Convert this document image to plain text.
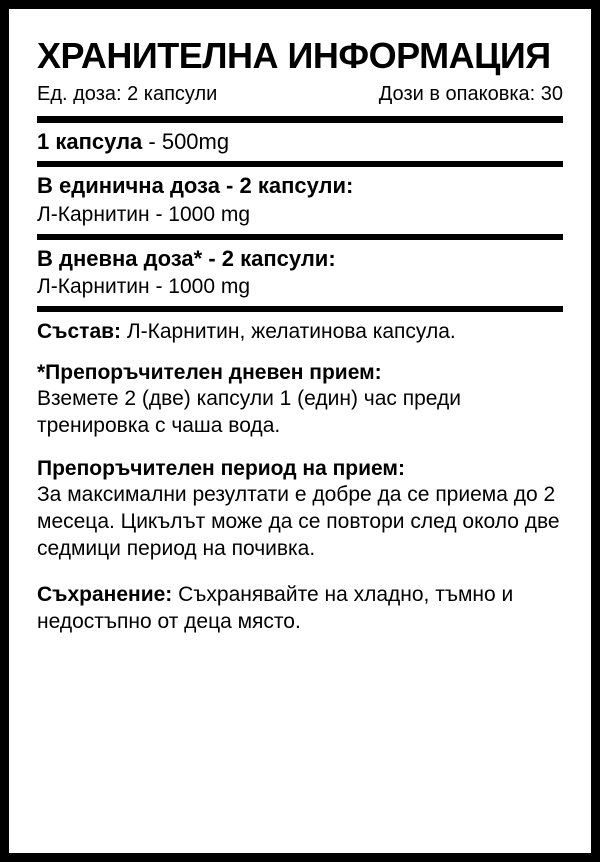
ХРАНИТЕЛНА ИНФОРМАЦИЯ
Ед. доза: 2 капсули	Дози в опаковка: 30
1 капсула - 500mg
В единична доза - 2 капсули:
Л-Карнитин - 1000 mg
В дневна доза* - 2 капсули:
Л-Карнитин - 1000 mg
Състав: Л-Карнитин, желатинова капсула.
*Препоръчителен дневен прием:
Вземете 2 (две) капсули 1 (един) час преди тренировка с чаша вода.
Препоръчителен период на прием:
За максимални резултати е добре да се приема до 2 месеца. Цикълът може да се повтори след около две седмици период на почивка.
Съхранение: Съхранявайте на хладно, тъмно и недостъпно от деца място.
